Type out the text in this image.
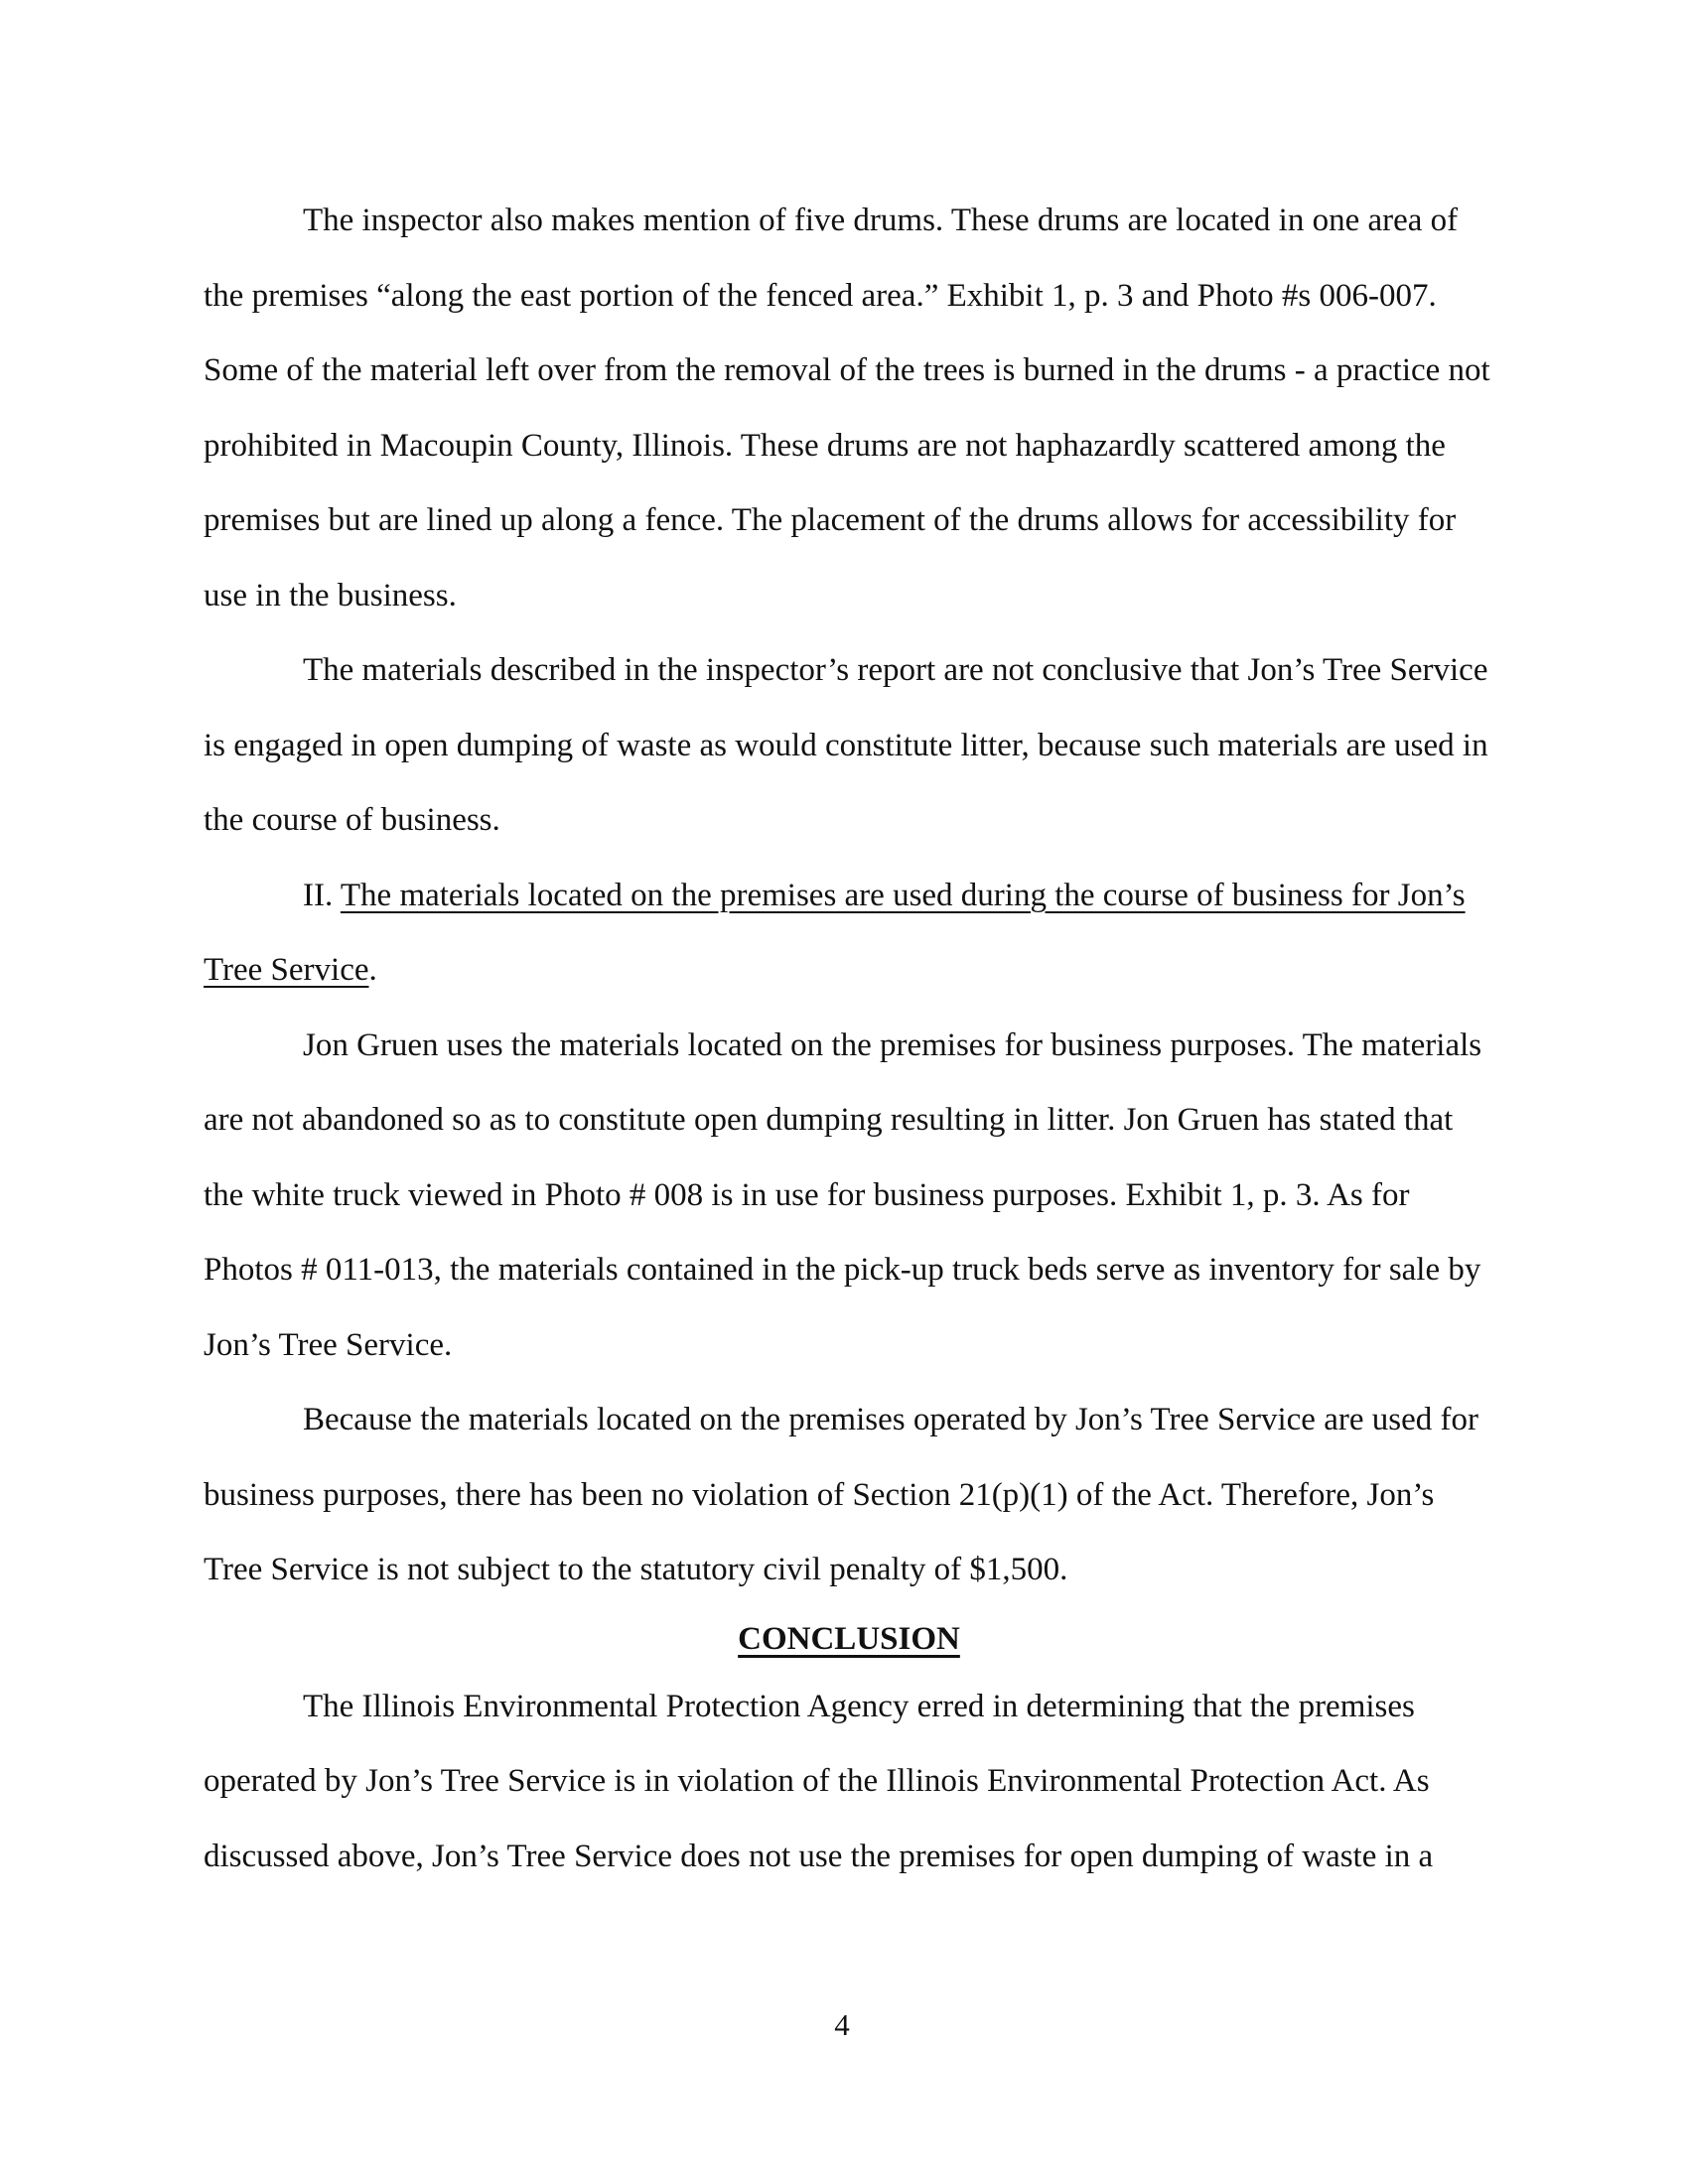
The inspector also makes mention of five drums. These drums are located in one area of the premises “along the east portion of the fenced area.” Exhibit 1, p. 3 and Photo #s 006-007. Some of the material left over from the removal of the trees is burned in the drums - a practice not prohibited in Macoupin County, Illinois. These drums are not haphazardly scattered among the premises but are lined up along a fence. The placement of the drums allows for accessibility for use in the business.

The materials described in the inspector’s report are not conclusive that Jon’s Tree Service is engaged in open dumping of waste as would constitute litter, because such materials are used in the course of business.

II. The materials located on the premises are used during the course of business for Jon’s Tree Service.

Jon Gruen uses the materials located on the premises for business purposes. The materials are not abandoned so as to constitute open dumping resulting in litter. Jon Gruen has stated that the white truck viewed in Photo # 008 is in use for business purposes. Exhibit 1, p. 3. As for Photos # 011-013, the materials contained in the pick-up truck beds serve as inventory for sale by Jon’s Tree Service.

Because the materials located on the premises operated by Jon’s Tree Service are used for business purposes, there has been no violation of Section 21(p)(1) of the Act. Therefore, Jon’s Tree Service is not subject to the statutory civil penalty of $1,500.

CONCLUSION

The Illinois Environmental Protection Agency erred in determining that the premises operated by Jon’s Tree Service is in violation of the Illinois Environmental Protection Act. As discussed above, Jon’s Tree Service does not use the premises for open dumping of waste in a

4
